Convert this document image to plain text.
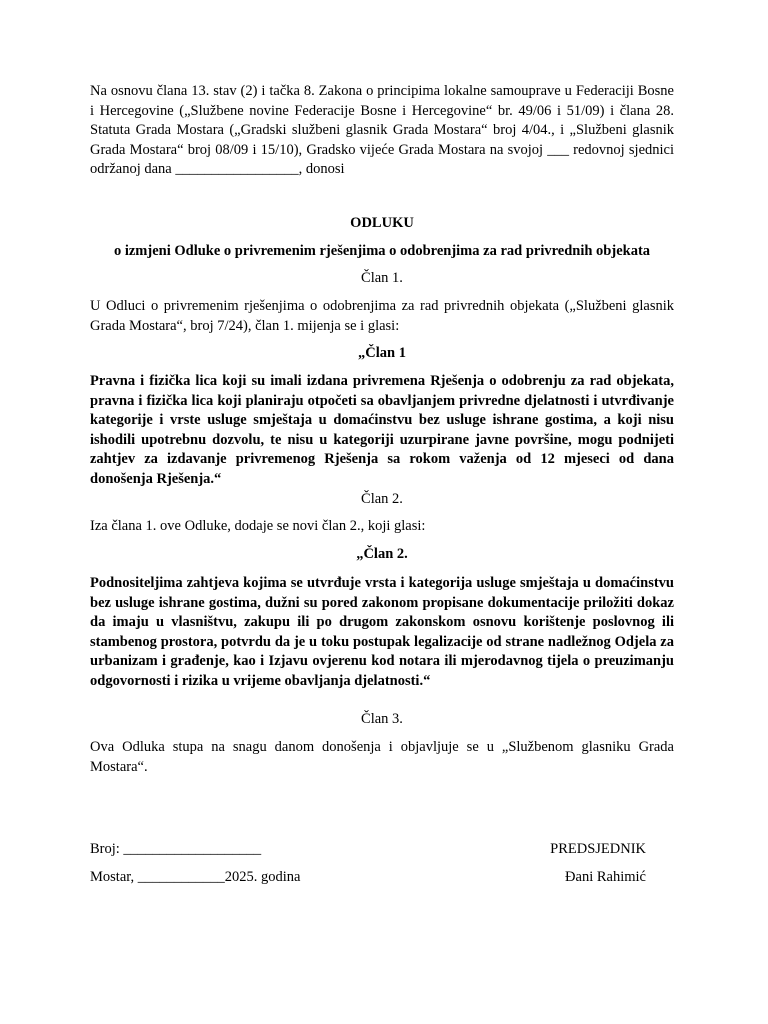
Na osnovu člana 13. stav (2) i tačka 8. Zakona o principima lokalne samouprave u Federaciji Bosne i Hercegovine („Službene novine Federacije Bosne i Hercegovine“ br. 49/06 i 51/09) i člana 28. Statuta Grada Mostara („Gradski službeni glasnik Grada Mostara“ broj 4/04., i „Službeni glasnik Grada Mostara“ broj 08/09 i 15/10), Gradsko vijeće Grada Mostara na svojoj ___ redovnoj sjednici održanoj dana _________________, donosi

ODLUKU

o izmjeni Odluke o privremenim rješenjima o odobrenjima za rad privrednih objekata

Član 1.

U Odluci o privremenim rješenjima o odobrenjima za rad privrednih objekata („Službeni glasnik Grada Mostara“, broj 7/24), član 1. mijenja se i glasi:

„Član 1

Pravna i fizička lica koji su imali izdana privremena Rješenja o odobrenju za rad objekata, pravna i fizička lica koji planiraju otpočeti sa obavljanjem privredne djelatnosti i utvrđivanje kategorije i vrste usluge smještaja u domaćinstvu bez usluge ishrane gostima, a koji nisu ishodili upotrebnu dozvolu, te nisu u kategoriji uzurpirane javne površine, mogu podnijeti zahtjev za izdavanje privremenog Rješenja sa rokom važenja od 12 mjeseci od dana donošenja Rješenja.“

Član 2.

Iza člana 1. ove Odluke, dodaje se novi član 2., koji glasi:

„Član 2.

Podnositeljima zahtjeva kojima se utvrđuje vrsta i kategorija usluge smještaja u domaćinstvu bez usluge ishrane gostima, dužni su pored zakonom propisane dokumentacije priložiti dokaz da imaju u vlasništvu, zakupu ili po drugom zakonskom osnovu korištenje poslovnog ili stambenog prostora, potvrdu da je u toku postupak legalizacije od strane nadležnog Odjela za urbanizam i građenje, kao i Izjavu ovjerenu kod notara ili mjerodavnog tijela o preuzimanju odgovornosti i rizika u vrijeme obavljanja djelatnosti.“

Član 3.

Ova Odluka stupa na snagu danom donošenja i objavljuje se u „Službenom glasniku Grada Mostara“.

Broj: ___________________
Mostar, ____________2025. godina
PREDSJEDNIK
Đani Rahimić
